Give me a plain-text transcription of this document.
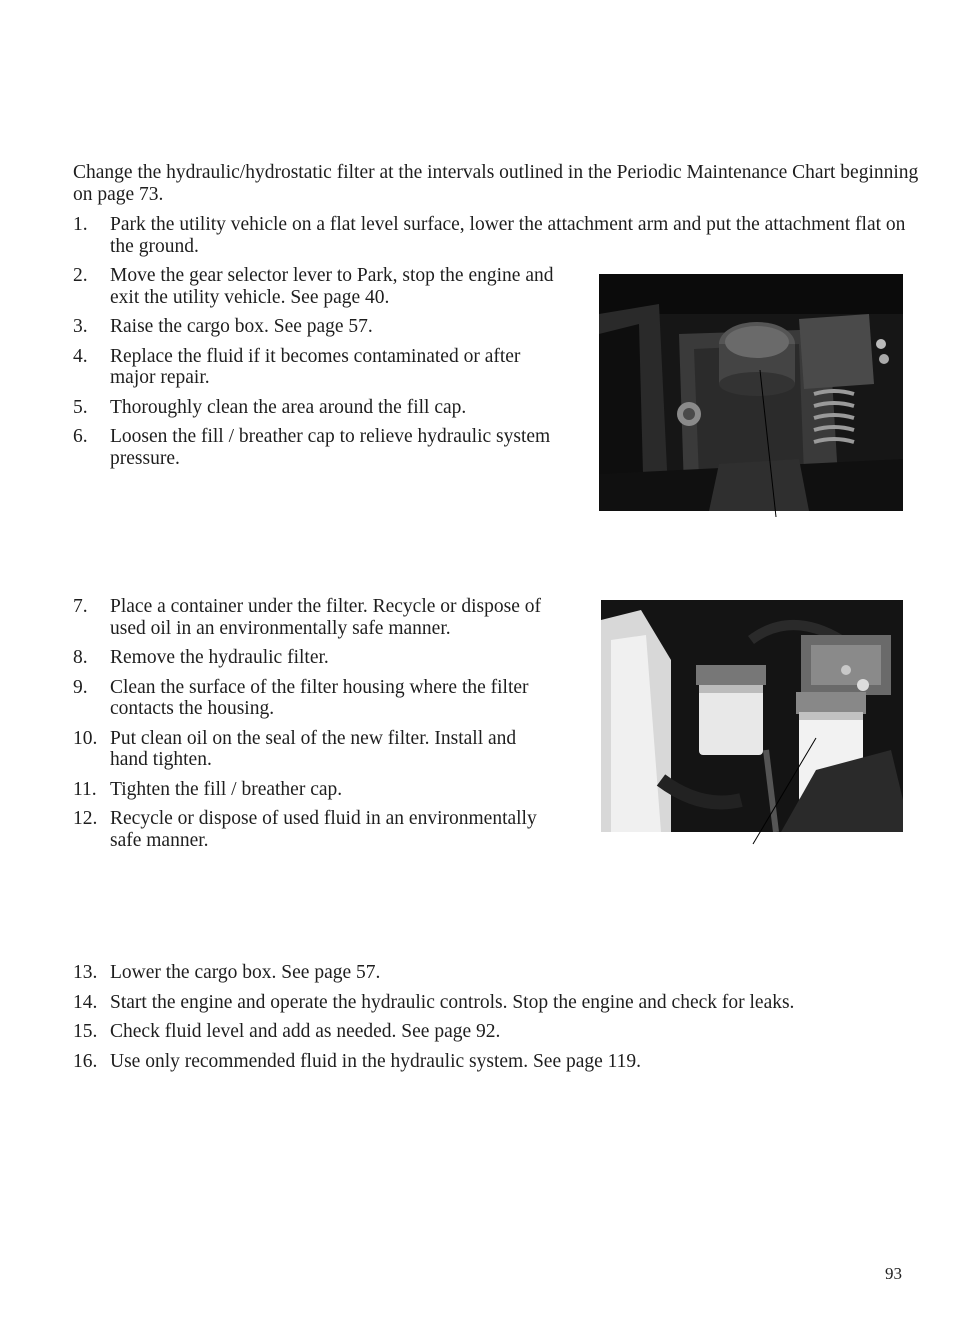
Change the hydraulic/hydrostatic filter at the intervals outlined in the Periodic Maintenance Chart beginning on page 73.

1. Park the utility vehicle on a flat level surface, lower the attachment arm and put the attachment flat on the ground.
2. Move the gear selector lever to Park, stop the engine and exit the utility vehicle. See page 40.
3. Raise the cargo box. See page 57.
4. Replace the fluid if it becomes contaminated or after major repair.
5. Thoroughly clean the area around the fill cap.
6. Loosen the fill / breather cap to relieve hydraulic system pressure.
7. Place a container under the filter. Recycle or dispose of used oil in an environmentally safe manner.
8. Remove the hydraulic filter.
9. Clean the surface of the filter housing where the filter contacts the housing.
10. Put clean oil on the seal of the new filter. Install and hand tighten.
11. Tighten the fill / breather cap.
12. Recycle or dispose of used fluid in an environmentally safe manner.
13. Lower the cargo box. See page 57.
14. Start the engine and operate the hydraulic controls. Stop the engine and check for leaks.
15. Check fluid level and add as needed. See page 92.
16. Use only recommended fluid in the hydraulic system. See page 119.
93
